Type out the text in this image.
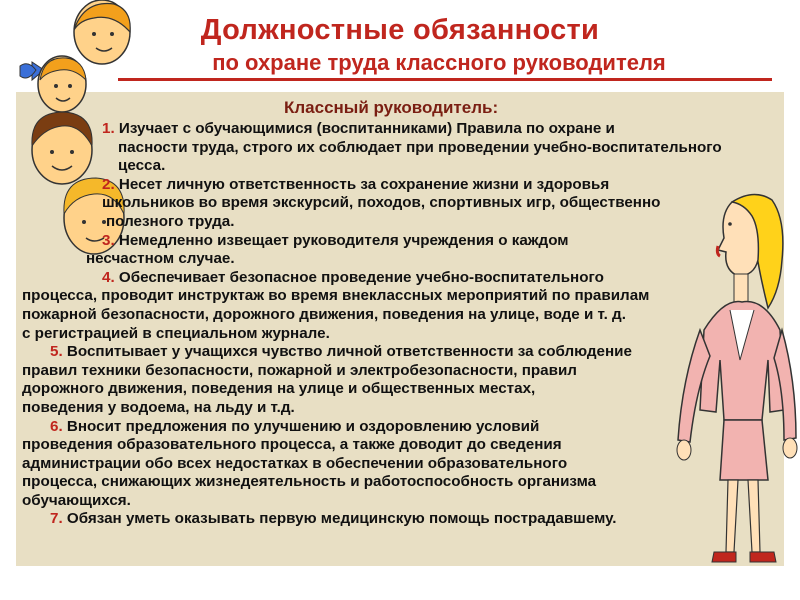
Должностные обязанности
по охране труда классного руководителя
Классный руководитель:
1. Изучает с обучающимися (воспитанниками) Правила по охране и
пасности труда, строго их соблюдает при проведении учебно-воспитательного
цесса.
2. Несет личную ответственность за сохранение жизни и здоровья
школьников во время экскурсий, походов, спортивных игр, общественно
полезного труда.
3. Немедленно извещает руководителя учреждения о каждом
несчастном случае.
4. Обеспечивает безопасное проведение учебно-воспитательного
процесса, проводит инструктаж во время внеклассных мероприятий по правилам
пожарной безопасности, дорожного движения, поведения на улице, воде и т. д.
с регистрацией в специальном журнале.
5. Воспитывает у учащихся чувство личной ответственности за соблюдение
правил техники безопасности, пожарной и электробезопасности, правил
дорожного движения, поведения на улице и общественных местах,
поведения у водоема, на льду и т.д.
6. Вносит предложения по улучшению и оздоровлению условий
проведения образовательного процесса, а также доводит до сведения
администрации обо всех недостатках в обеспечении образовательного
процесса, снижающих жизнедеятельность и работоспособность организма
обучающихся.
7. Обязан уметь оказывать первую медицинскую помощь пострадавшему.
